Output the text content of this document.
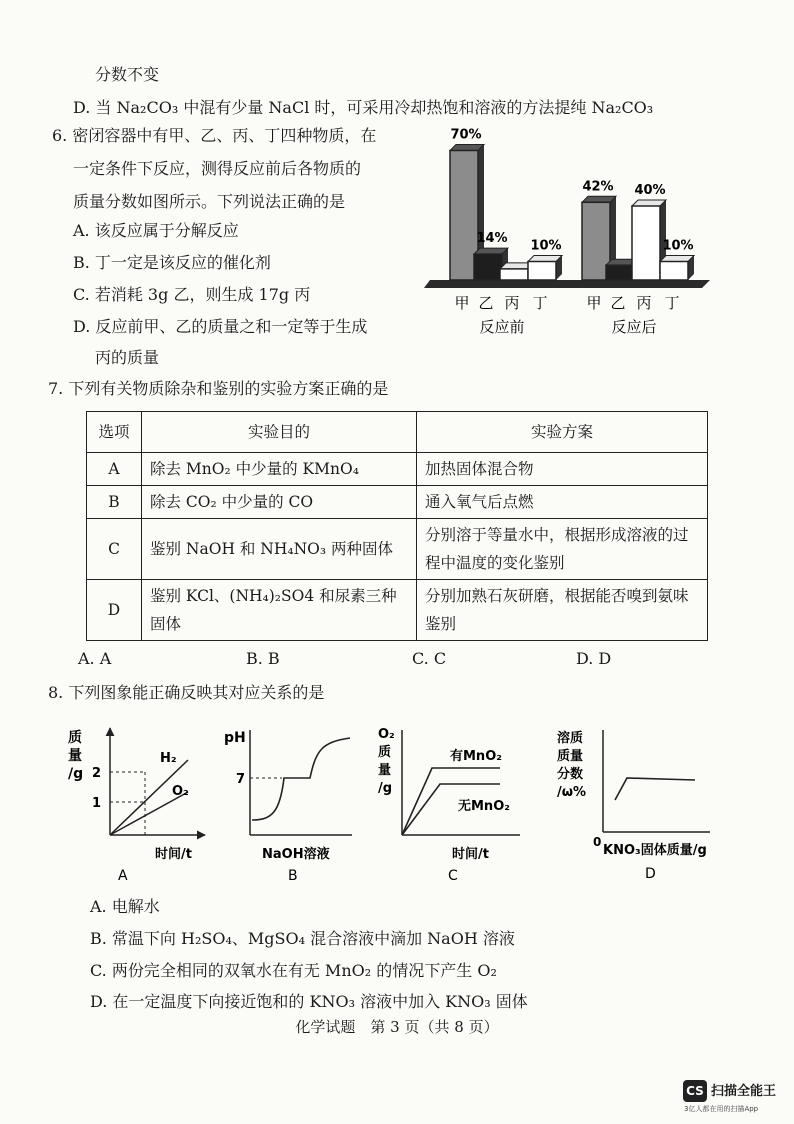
分数不变
D. 当 Na₂CO₃ 中混有少量 NaCl 时，可采用冷却热饱和溶液的方法提纯 Na₂CO₃
6. 密闭容器中有甲、乙、丙、丁四种物质，在
一定条件下反应，测得反应前后各物质的
质量分数如图所示。下列说法正确的是
A. 该反应属于分解反应
B. 丁一定是该反应的催化剂
C. 若消耗 3g 乙，则生成 17g 丙
D. 反应前甲、乙的质量之和一定等于生成
丙的质量
70%
甲
14%
乙 丙
10%
丁
反应前
42%
甲 乙
40%
丙
10%
丁
反应后
7. 下列有关物质除杂和鉴别的实验方案正确的是
选项	实验目的	实验方案
A	除去 MnO₂ 中少量的 KMnO₄	加热固体混合物
B	除去 CO₂ 中少量的 CO	通入氧气后点燃
C	鉴别 NaOH 和 NH₄NO₃ 两种固体	分别溶于等量水中，根据形成溶液的过程中温度的变化鉴别
D	鉴别 KCl、(NH₄)₂SO4 和尿素三种固体	分别加熟石灰研磨，根据能否嗅到氨味鉴别
A. A	B. B	C. C	D. D
8. 下列图象能正确反映其对应关系的是
质
量
/g 2
1
H₂
O₂
时间/t
A
pH
7
NaOH溶液
B
O₂
质
量
/g
有MnO₂
无MnO₂
时间/t
C
溶质
质量
分数
/ω%
0
KNO₃固体质量/g
D
A. 电解水
B. 常温下向 H₂SO₄、MgSO₄ 混合溶液中滴加 NaOH 溶液
C. 两份完全相同的双氧水在有无 MnO₂ 的情况下产生 O₂
D. 在一定温度下向接近饱和的 KNO₃ 溶液中加入 KNO₃ 固体
化学试题　第 3 页（共 8 页）
CS 扫描全能王
3亿人都在用的扫描App
